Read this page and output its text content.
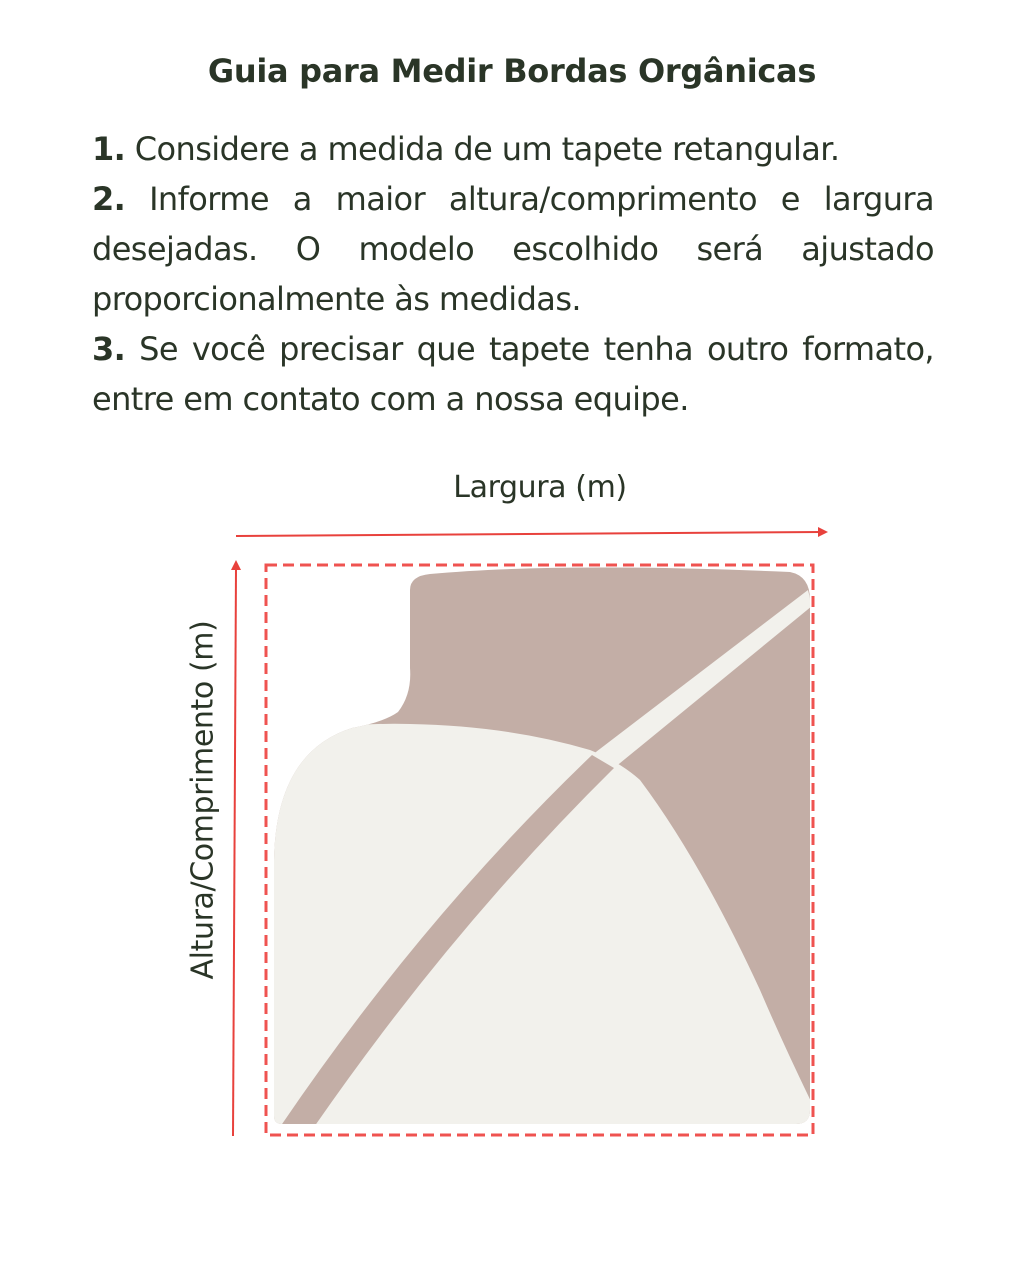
Guia para Medir Bordas Orgânicas

1. Considere a medida de um tapete retangular.

2. Informe a maior altura/comprimento e largura desejadas. O modelo escolhido será ajustado proporcionalmente às medidas.

3. Se você precisar que tapete tenha outro formato, entre em contato com a nossa equipe.

Largura (m)
Altura/Comprimento (m)
